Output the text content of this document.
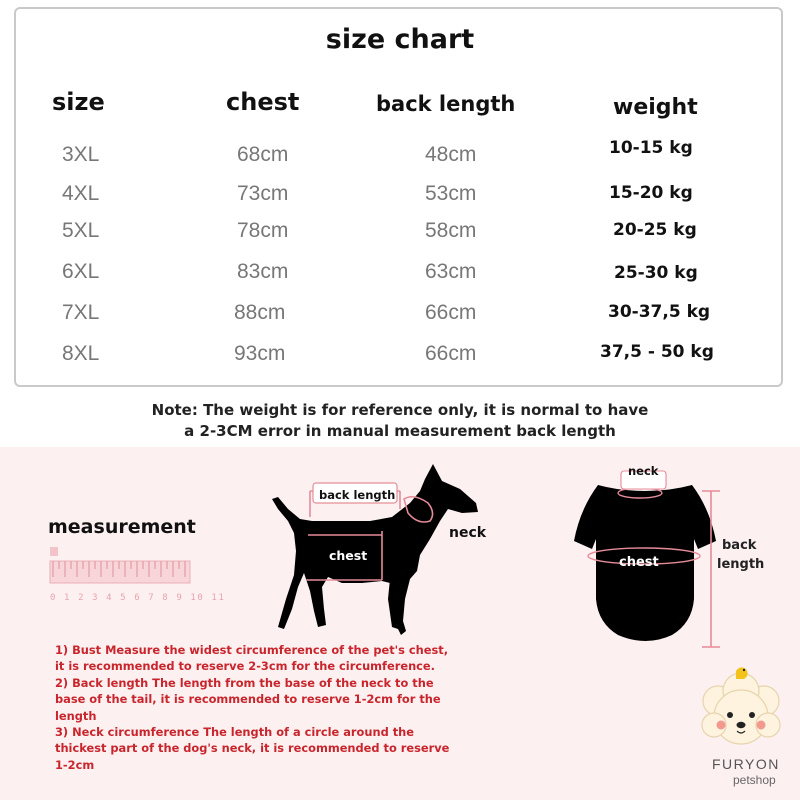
size chart
size	chest	back length	weight
3XL	68cm	48cm	10-15 kg
4XL	73cm	53cm	15-20 kg
5XL	78cm	58cm	20-25 kg
6XL	83cm	63cm	25-30 kg
7XL	88cm	66cm	30-37,5 kg
8XL	93cm	66cm	37,5 - 50 kg
Note: The weight is for reference only, it is normal to have
a 2-3CM error in manual measurement back length
measurement
0 1 2 3 4 5 6 7 8 9 10 11
back length
chest
neck
neck
chest
back
length
1) Bust Measure the widest circumference of the pet's chest, it is recommended to reserve 2-3cm for the circumference.
2) Back length The length from the base of the neck to the base of the tail, it is recommended to reserve 1-2cm for the length
3) Neck circumference The length of a circle around the thickest part of the dog's neck, it is recommended to reserve 1-2cm	FURYON
petshop
